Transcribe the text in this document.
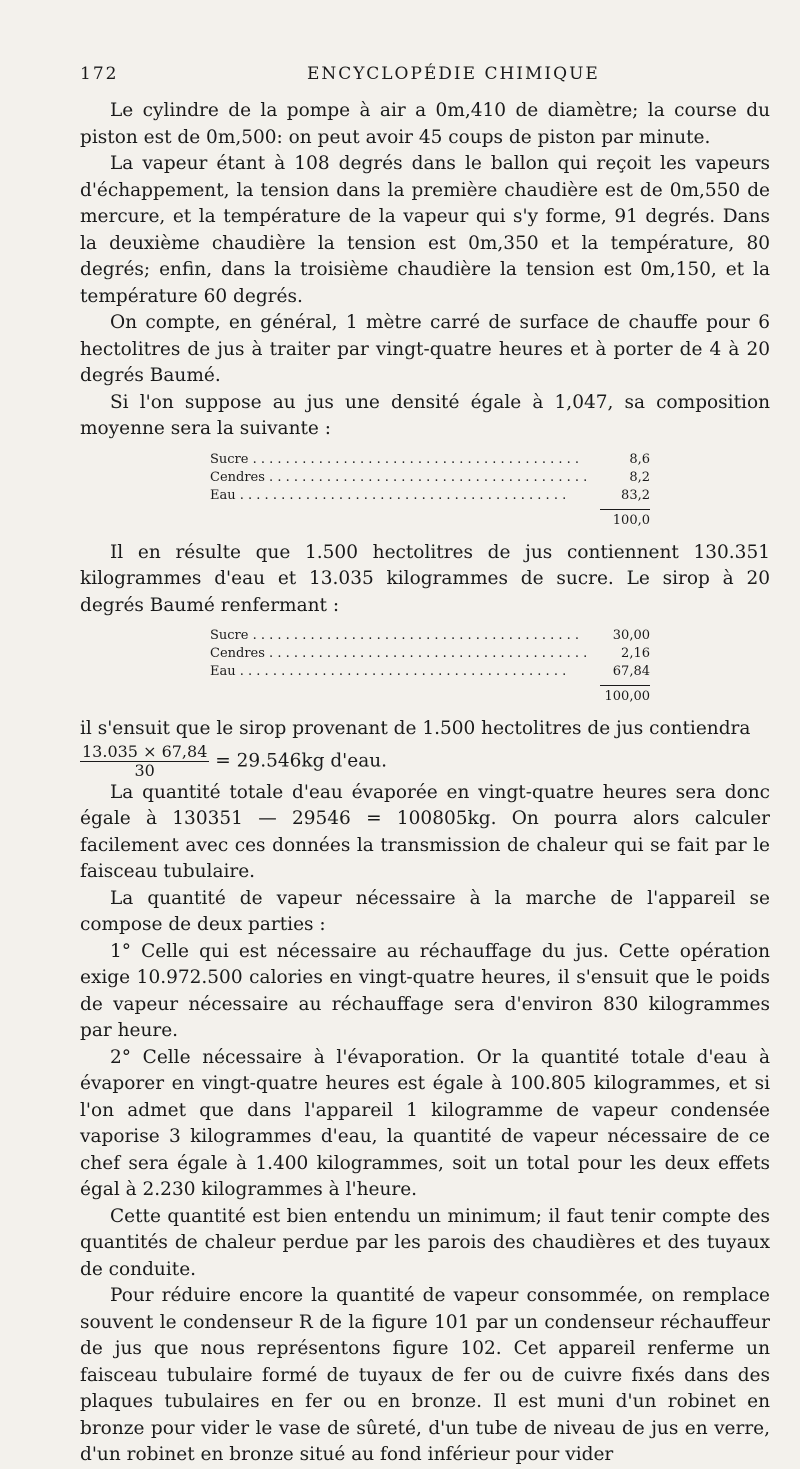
172	ENCYCLOPÉDIE CHIMIQUE

Le cylindre de la pompe à air a 0m,410 de diamètre; la course du piston est de 0m,500: on peut avoir 45 coups de piston par minute.

La vapeur étant à 108 degrés dans le ballon qui reçoit les vapeurs d'échappement, la tension dans la première chaudière est de 0m,550 de mercure, et la température de la vapeur qui s'y forme, 91 degrés. Dans la deuxième chaudière la tension est 0m,350 et la température, 80 degrés; enfin, dans la troisième chaudière la tension est 0m,150, et la température 60 degrés.

On compte, en général, 1 mètre carré de surface de chauffe pour 6 hectolitres de jus à traiter par vingt-quatre heures et à porter de 4 à 20 degrés Baumé.

Si l'on suppose au jus une densité égale à 1,047, sa composition moyenne sera la suivante :

Sucre . . .	8,6
Cendres . . .	8,2
Eau . . .	83,2
100,0

Il en résulte que 1.500 hectolitres de jus contiennent 130.351 kilogrammes d'eau et 13.035 kilogrammes de sucre. Le sirop à 20 degrés Baumé renfermant :

Sucre . . .	30,00
Cendres . . .	2,16
Eau . . .	67,84
100,00

il s'ensuit que le sirop provenant de 1.500 hectolitres de jus contiendra

$\frac{13.035 \times 67,84}{30} = 29.546kg$ d'eau.

La quantité totale d'eau évaporée en vingt-quatre heures sera donc égale à 130351 — 29546 = 100805kg. On pourra alors calculer facilement avec ces données la transmission de chaleur qui se fait par le faisceau tubulaire.

La quantité de vapeur nécessaire à la marche de l'appareil se compose de deux parties :

1° Celle qui est nécessaire au réchauffage du jus. Cette opération exige 10.972.500 calories en vingt-quatre heures, il s'ensuit que le poids de vapeur nécessaire au réchauffage sera d'environ 830 kilogrammes par heure.

2° Celle nécessaire à l'évaporation. Or la quantité totale d'eau à évaporer en vingt-quatre heures est égale à 100.805 kilogrammes, et si l'on admet que dans l'appareil 1 kilogramme de vapeur condensée vaporise 3 kilogrammes d'eau, la quantité de vapeur nécessaire de ce chef sera égale à 1.400 kilogrammes, soit un total pour les deux effets égal à 2.230 kilogrammes à l'heure.

Cette quantité est bien entendu un minimum; il faut tenir compte des quantités de chaleur perdue par les parois des chaudières et des tuyaux de conduite.

Pour réduire encore la quantité de vapeur consommée, on remplace souvent le condenseur R de la figure 101 par un condenseur réchauffeur de jus que nous représentons figure 102. Cet appareil renferme un faisceau tubulaire formé de tuyaux de fer ou de cuivre fixés dans des plaques tubulaires en fer ou en bronze. Il est muni d'un robinet en bronze pour vider le vase de sûreté, d'un tube de niveau de jus en verre, d'un robinet en bronze situé au fond inférieur pour vider
